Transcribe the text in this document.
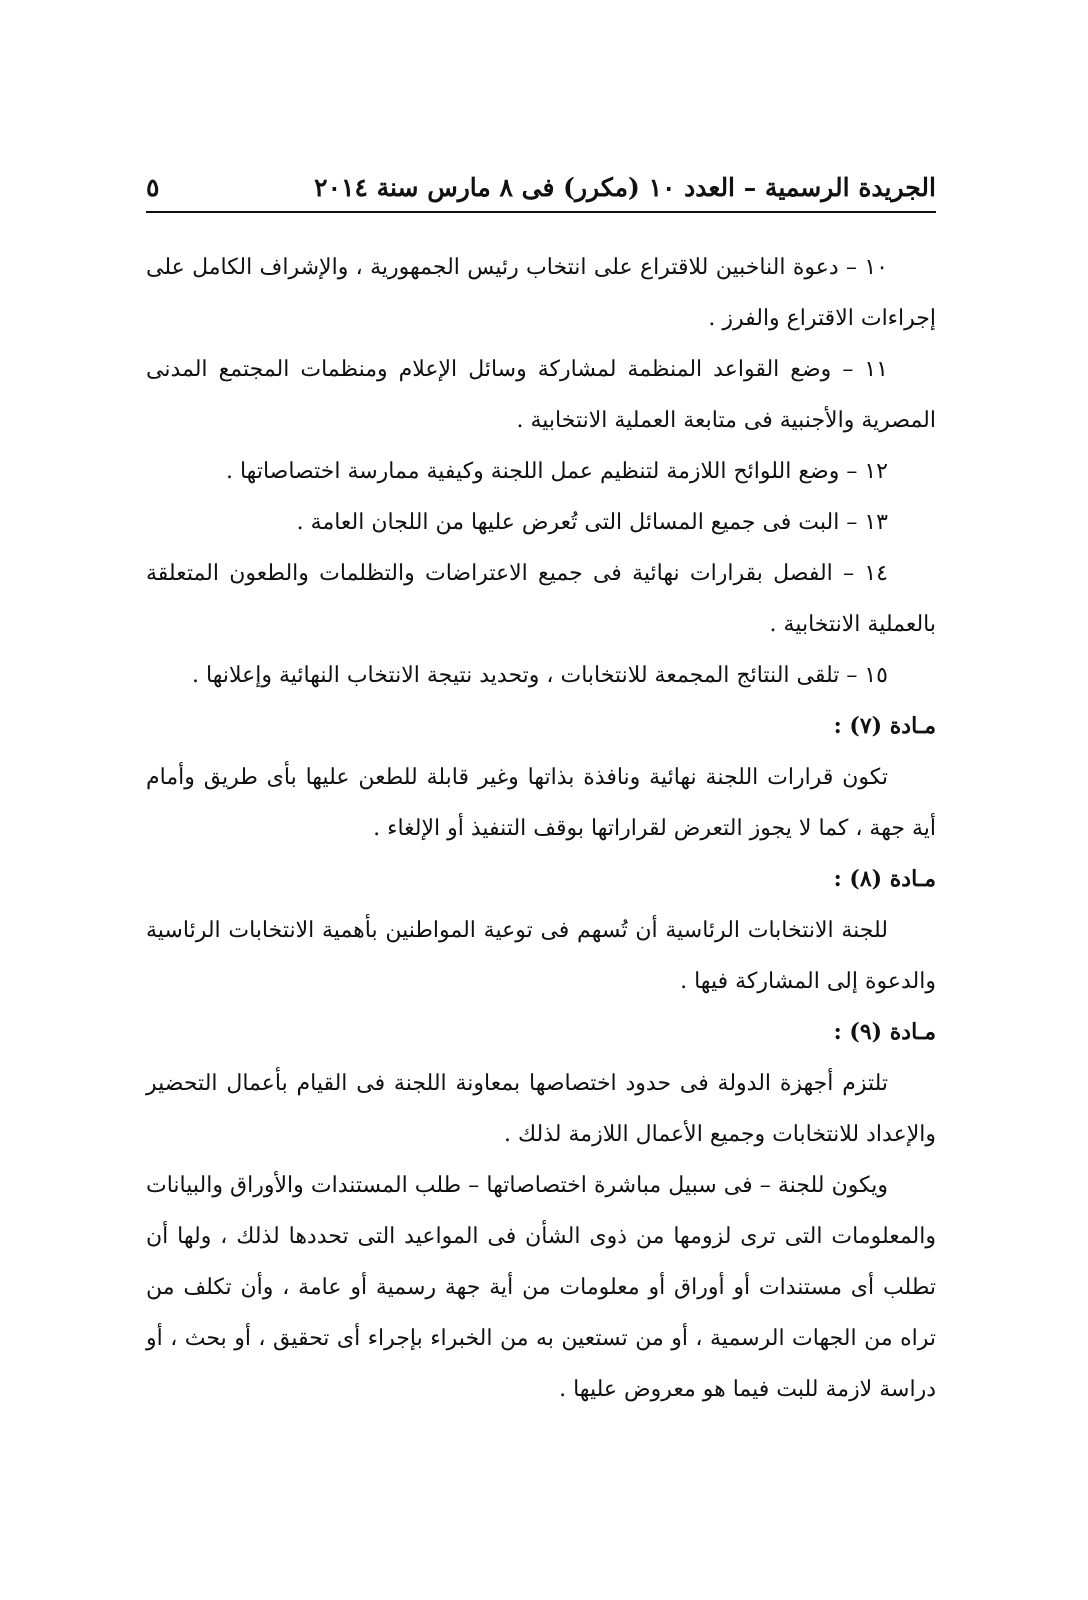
الجريدة الرسمية – العدد ١٠ (مكرر) فى ٨ مارس سنة ٢٠١٤
٥

١٠ – دعوة الناخبين للاقتراع على انتخاب رئيس الجمهورية ، والإشراف الكامل على إجراءات الاقتراع والفرز .

١١ – وضع القواعد المنظمة لمشاركة وسائل الإعلام ومنظمات المجتمع المدنى المصرية والأجنبية فى متابعة العملية الانتخابية .

١٢ – وضع اللوائح اللازمة لتنظيم عمل اللجنة وكيفية ممارسة اختصاصاتها .

١٣ – البت فى جميع المسائل التى تُعرض عليها من اللجان العامة .

١٤ – الفصل بقرارات نهائية فى جميع الاعتراضات والتظلمات والطعون المتعلقة بالعملية الانتخابية .

١٥ – تلقى النتائج المجمعة للانتخابات ، وتحديد نتيجة الانتخاب النهائية وإعلانها .

مـادة (٧) :

تكون قرارات اللجنة نهائية ونافذة بذاتها وغير قابلة للطعن عليها بأى طريق وأمام أية جهة ، كما لا يجوز التعرض لقراراتها بوقف التنفيذ أو الإلغاء .

مـادة (٨) :

للجنة الانتخابات الرئاسية أن تُسهم فى توعية المواطنين بأهمية الانتخابات الرئاسية والدعوة إلى المشاركة فيها .

مـادة (٩) :

تلتزم أجهزة الدولة فى حدود اختصاصها بمعاونة اللجنة فى القيام بأعمال التحضير والإعداد للانتخابات وجميع الأعمال اللازمة لذلك .

ويكون للجنة – فى سبيل مباشرة اختصاصاتها – طلب المستندات والأوراق والبيانات والمعلومات التى ترى لزومها من ذوى الشأن فى المواعيد التى تحددها لذلك ، ولها أن تطلب أى مستندات أو أوراق أو معلومات من أية جهة رسمية أو عامة ، وأن تكلف من تراه من الجهات الرسمية ، أو من تستعين به من الخبراء بإجراء أى تحقيق ، أو بحث ، أو دراسة لازمة للبت فيما هو معروض عليها .
